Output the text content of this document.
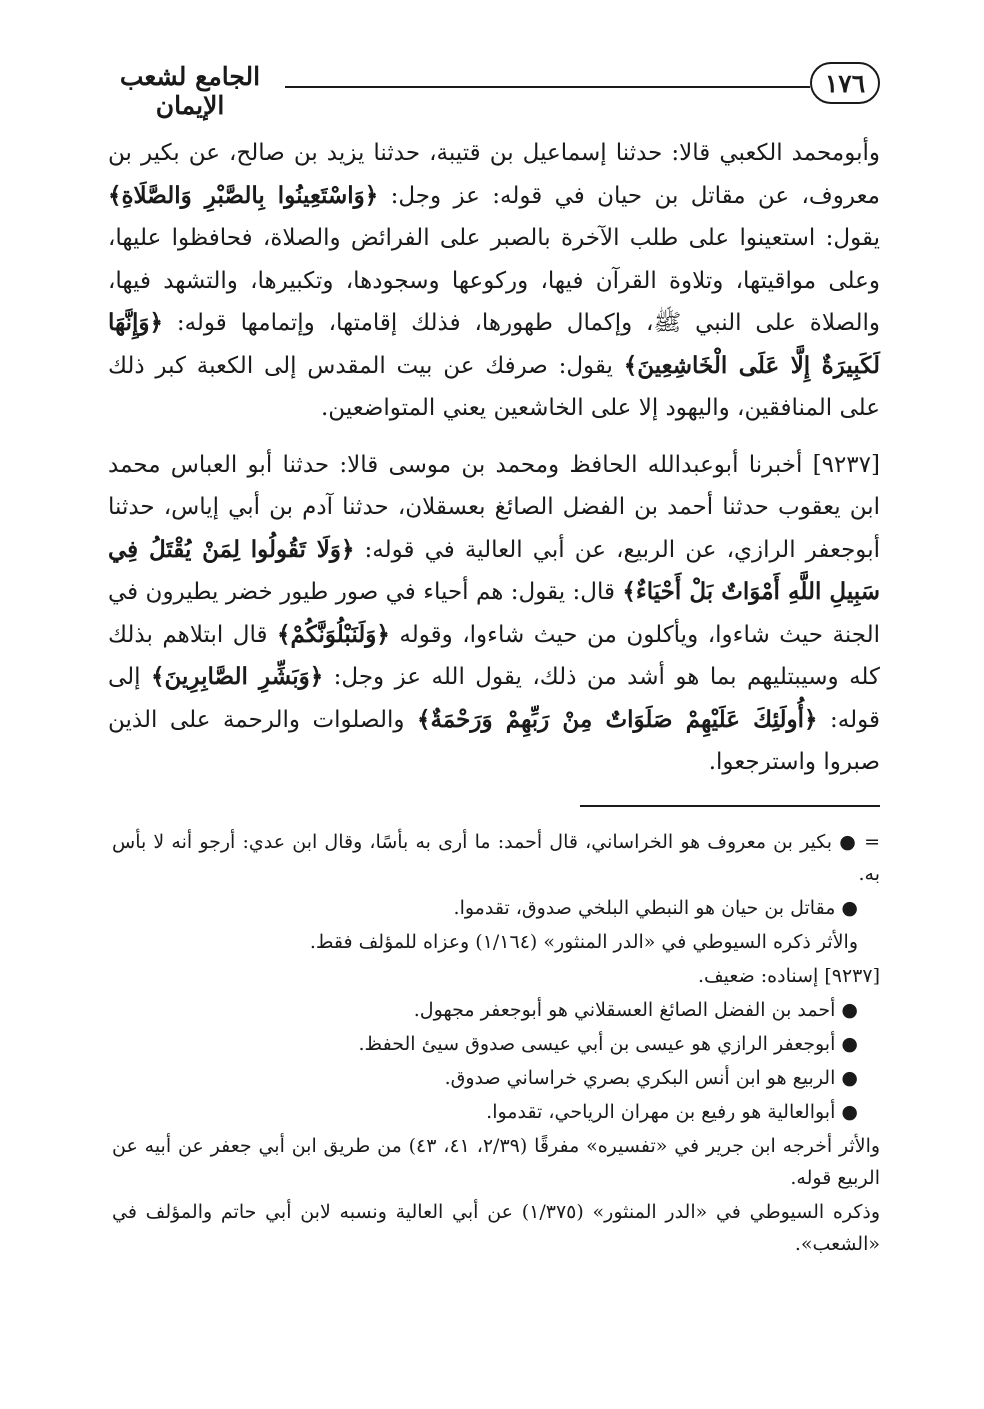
١٧٦
الجامع لشعب الإيمان

وأبومحمد الكعبي قالا: حدثنا إسماعيل بن قتيبة، حدثنا يزيد بن صالح، عن بكير بن معروف، عن مقاتل بن حيان في قوله: عز وجل: ﴿وَاسْتَعِينُوا بِالصَّبْرِ وَالصَّلَاةِ﴾ يقول: استعينوا على طلب الآخرة بالصبر على الفرائض والصلاة، فحافظوا عليها، وعلى مواقيتها، وتلاوة القرآن فيها، وركوعها وسجودها، وتكبيرها، والتشهد فيها، والصلاة على النبي ﷺ، وإكمال طهورها، فذلك إقامتها، وإتمامها قوله: ﴿وَإِنَّهَا لَكَبِيرَةٌ إِلَّا عَلَى الْخَاشِعِينَ﴾ يقول: صرفك عن بيت المقدس إلى الكعبة كبر ذلك على المنافقين، واليهود إلا على الخاشعين يعني المتواضعين.

[٩٢٣٧] أخبرنا أبوعبدالله الحافظ ومحمد بن موسى قالا: حدثنا أبو العباس محمد ابن يعقوب حدثنا أحمد بن الفضل الصائغ بعسقلان، حدثنا آدم بن أبي إياس، حدثنا أبوجعفر الرازي، عن الربيع، عن أبي العالية في قوله: ﴿وَلَا تَقُولُوا لِمَنْ يُقْتَلُ فِي سَبِيلِ اللَّهِ أَمْوَاتٌ بَلْ أَحْيَاءٌ﴾ قال: يقول: هم أحياء في صور طيور خضر يطيرون في الجنة حيث شاءوا، ويأكلون من حيث شاءوا، وقوله ﴿وَلَنَبْلُوَنَّكُمْ﴾ قال ابتلاهم بذلك كله وسيبتليهم بما هو أشد من ذلك، يقول الله عز وجل: ﴿وَبَشِّرِ الصَّابِرِينَ﴾ إلى قوله: ﴿أُولَئِكَ عَلَيْهِمْ صَلَوَاتٌ مِنْ رَبِّهِمْ وَرَحْمَةٌ﴾ والصلوات والرحمة على الذين صبروا واسترجعوا.

= ● بكير بن معروف هو الخراساني، قال أحمد: ما أرى به بأسًا، وقال ابن عدي: أرجو أنه لا بأس به.

● مقاتل بن حيان هو النبطي البلخي صدوق، تقدموا.

والأثر ذكره السيوطي في «الدر المنثور» (١/١٦٤) وعزاه للمؤلف فقط.

[٩٢٣٧] إسناده: ضعيف.

● أحمد بن الفضل الصائغ العسقلاني هو أبوجعفر مجهول.

● أبوجعفر الرازي هو عيسى بن أبي عيسى صدوق سيئ الحفظ.

● الربيع هو ابن أنس البكري بصري خراساني صدوق.

● أبوالعالية هو رفيع بن مهران الرياحي، تقدموا.

والأثر أخرجه ابن جرير في «تفسيره» مفرقًا (٢/٣٩، ٤١، ٤٣) من طريق ابن أبي جعفر عن أبيه عن الربيع قوله.

وذكره السيوطي في «الدر المنثور» (١/٣٧٥) عن أبي العالية ونسبه لابن أبي حاتم والمؤلف في «الشعب».
